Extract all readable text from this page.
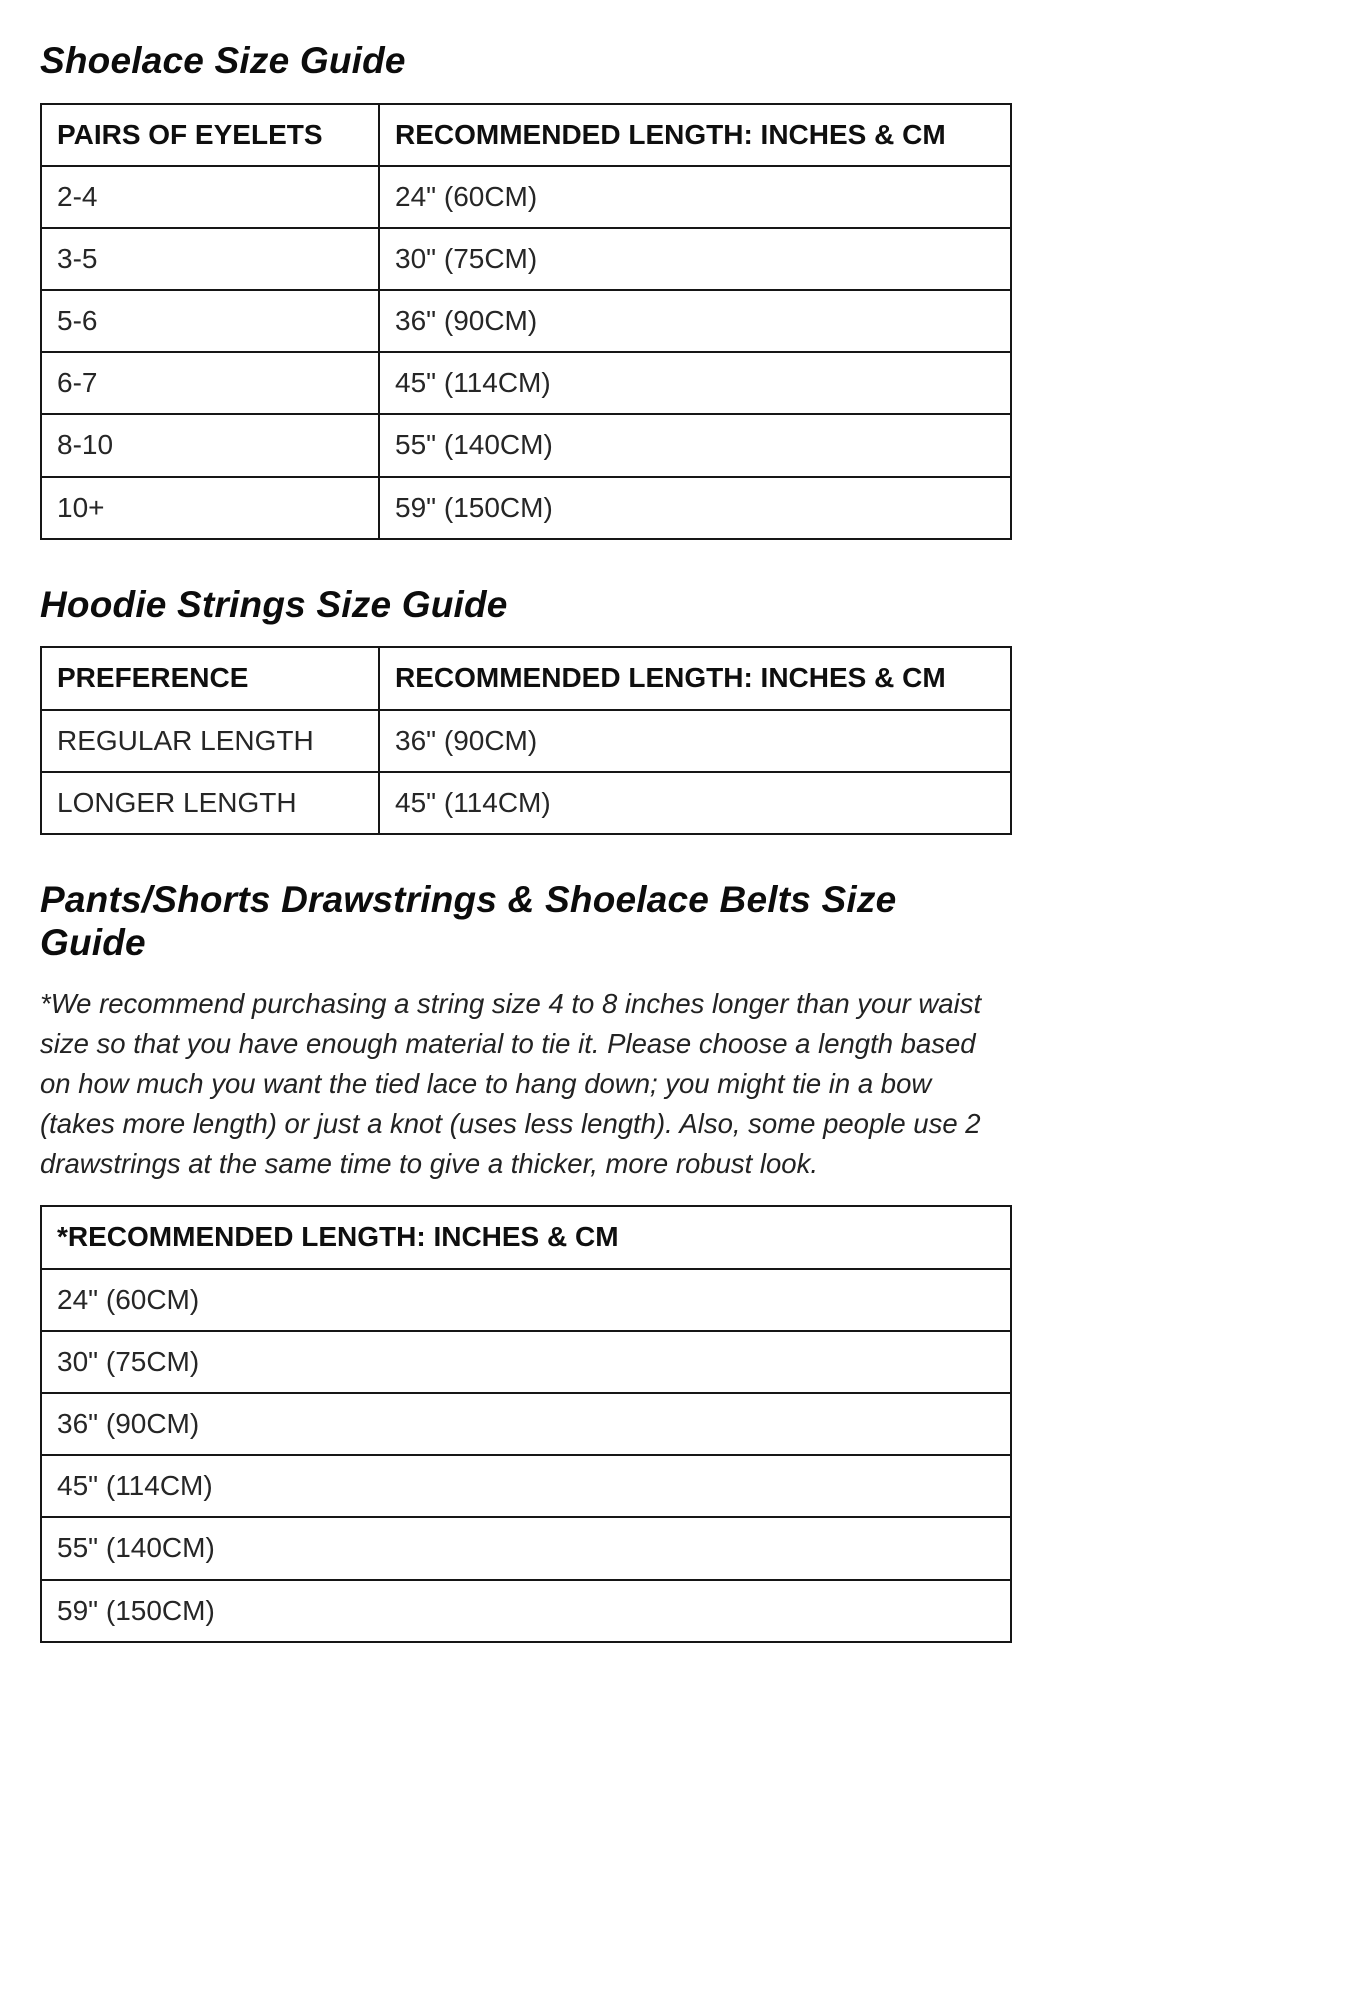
Shoelace Size Guide
PAIRS OF EYELETS	RECOMMENDED LENGTH: INCHES & CM
2-4	24" (60CM)
3-5	30" (75CM)
5-6	36" (90CM)
6-7	45" (114CM)
8-10	55" (140CM)
10+	59" (150CM)
Hoodie Strings Size Guide
PREFERENCE	RECOMMENDED LENGTH: INCHES & CM
REGULAR LENGTH	36" (90CM)
LONGER LENGTH	45" (114CM)
Pants/Shorts Drawstrings & Shoelace Belts Size Guide

*We recommend purchasing a string size 4 to 8 inches longer than your waist size so that you have enough material to tie it. Please choose a length based on how much you want the tied lace to hang down; you might tie in a bow (takes more length) or just a knot (uses less length). Also, some people use 2 drawstrings at the same time to give a thicker, more robust look.

*RECOMMENDED LENGTH: INCHES & CM
24" (60CM)
30" (75CM)
36" (90CM)
45" (114CM)
55" (140CM)
59" (150CM)
